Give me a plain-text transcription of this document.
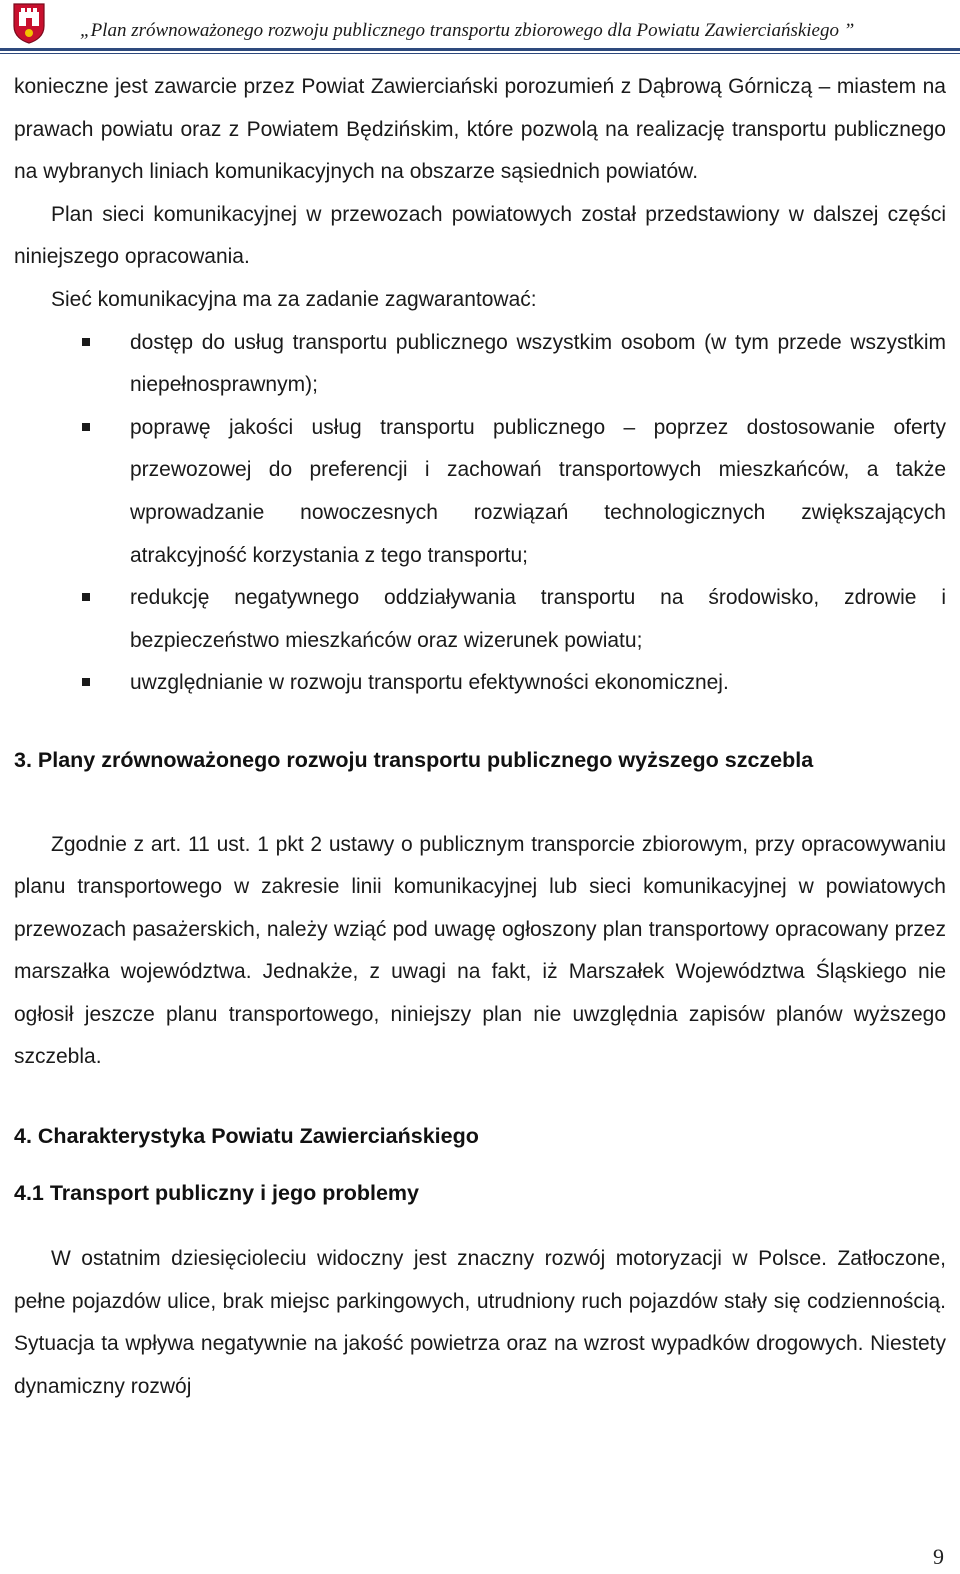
„Plan zrównoważonego rozwoju publicznego transportu zbiorowego dla Powiatu Zawierciańskiego ”

konieczne jest zawarcie przez Powiat Zawierciański porozumień z Dąbrową Górniczą – miastem na prawach powiatu oraz z Powiatem Będzińskim, które pozwolą na realizację transportu publicznego na wybranych liniach komunikacyjnych na obszarze sąsiednich powiatów.

Plan sieci komunikacyjnej w przewozach powiatowych został przedstawiony w dalszej części niniejszego opracowania.

Sieć komunikacyjna ma za zadanie zagwarantować:

dostęp do usług transportu publicznego wszystkim osobom (w tym przede wszystkim niepełnosprawnym);

poprawę jakości usług transportu publicznego – poprzez dostosowanie oferty przewozowej do preferencji i zachowań transportowych mieszkańców, a także wprowadzanie nowoczesnych rozwiązań technologicznych zwiększających atrakcyjność korzystania z tego transportu;

redukcję negatywnego oddziaływania transportu na środowisko, zdrowie i bezpieczeństwo mieszkańców oraz wizerunek powiatu;

uwzględnianie w rozwoju transportu efektywności ekonomicznej.

3. Plany zrównoważonego rozwoju transportu publicznego wyższego szczebla

Zgodnie z art. 11 ust. 1 pkt 2 ustawy o publicznym transporcie zbiorowym, przy opracowywaniu planu transportowego w zakresie linii komunikacyjnej lub sieci komunikacyjnej w powiatowych przewozach pasażerskich, należy wziąć pod uwagę ogłoszony plan transportowy opracowany przez marszałka województwa. Jednakże, z uwagi na fakt, iż Marszałek Województwa Śląskiego nie ogłosił jeszcze planu transportowego, niniejszy plan nie uwzględnia zapisów planów wyższego szczebla.

4. Charakterystyka Powiatu Zawierciańskiego
4.1 Transport publiczny i jego problemy

W ostatnim dziesięcioleciu widoczny jest znaczny rozwój motoryzacji w Polsce. Zatłoczone, pełne pojazdów ulice, brak miejsc parkingowych, utrudniony ruch pojazdów stały się codziennością. Sytuacja ta wpływa negatywnie na jakość powietrza oraz na wzrost wypadków drogowych. Niestety dynamiczny rozwój

9
